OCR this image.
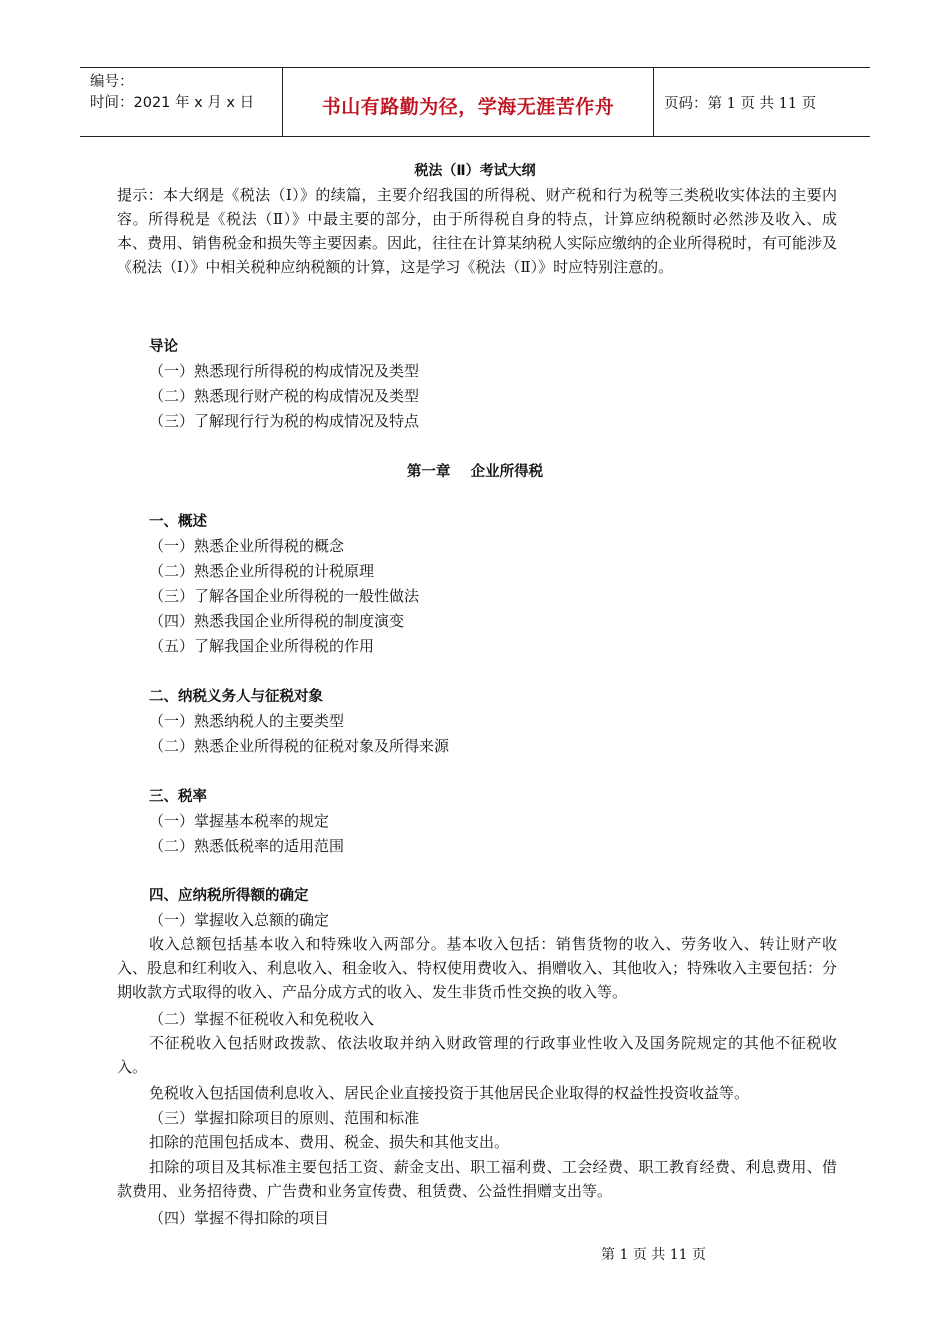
编号：
时间：2021 年 x 月 x 日	书山有路勤为径，学海无涯苦作舟	页码：第 1 页 共 11 页
税法（Ⅱ）考试大纲

提示：本大纲是《税法（Ⅰ）》的续篇，主要介绍我国的所得税、财产税和行为税等三类税收实体法的主要内容。所得税是《税法（Ⅱ）》中最主要的部分，由于所得税自身的特点，计算应纳税额时必然涉及收入、成本、费用、销售税金和损失等主要因素。因此，往往在计算某纳税人实际应缴纳的企业所得税时，有可能涉及《税法（Ⅰ）》中相关税种应纳税额的计算，这是学习《税法（Ⅱ）》时应特别注意的。

导论
（一）熟悉现行所得税的构成情况及类型
（二）熟悉现行财产税的构成情况及类型
（三）了解现行行为税的构成情况及特点
第一章    企业所得税
一、概述
（一）熟悉企业所得税的概念
（二）熟悉企业所得税的计税原理
（三）了解各国企业所得税的一般性做法
（四）熟悉我国企业所得税的制度演变
（五）了解我国企业所得税的作用
二、纳税义务人与征税对象
（一）熟悉纳税人的主要类型
（二）熟悉企业所得税的征税对象及所得来源
三、税率
（一）掌握基本税率的规定
（二）熟悉低税率的适用范围
四、应纳税所得额的确定
（一）掌握收入总额的确定
收入总额包括基本收入和特殊收入两部分。基本收入包括：销售货物的收入、劳务收入、转让财产收入、股息和红利收入、利息收入、租金收入、特权使用费收入、捐赠收入、其他收入；特殊收入主要包括：分期收款方式取得的收入、产品分成方式的收入、发生非货币性交换的收入等。
（二）掌握不征税收入和免税收入
不征税收入包括财政拨款、依法收取并纳入财政管理的行政事业性收入及国务院规定的其他不征税收入。
免税收入包括国债利息收入、居民企业直接投资于其他居民企业取得的权益性投资收益等。
（三）掌握扣除项目的原则、范围和标准
扣除的范围包括成本、费用、税金、损失和其他支出。
扣除的项目及其标准主要包括工资、薪金支出、职工福利费、工会经费、职工教育经费、利息费用、借款费用、业务招待费、广告费和业务宣传费、租赁费、公益性捐赠支出等。
（四）掌握不得扣除的项目
第 1 页 共 11 页
